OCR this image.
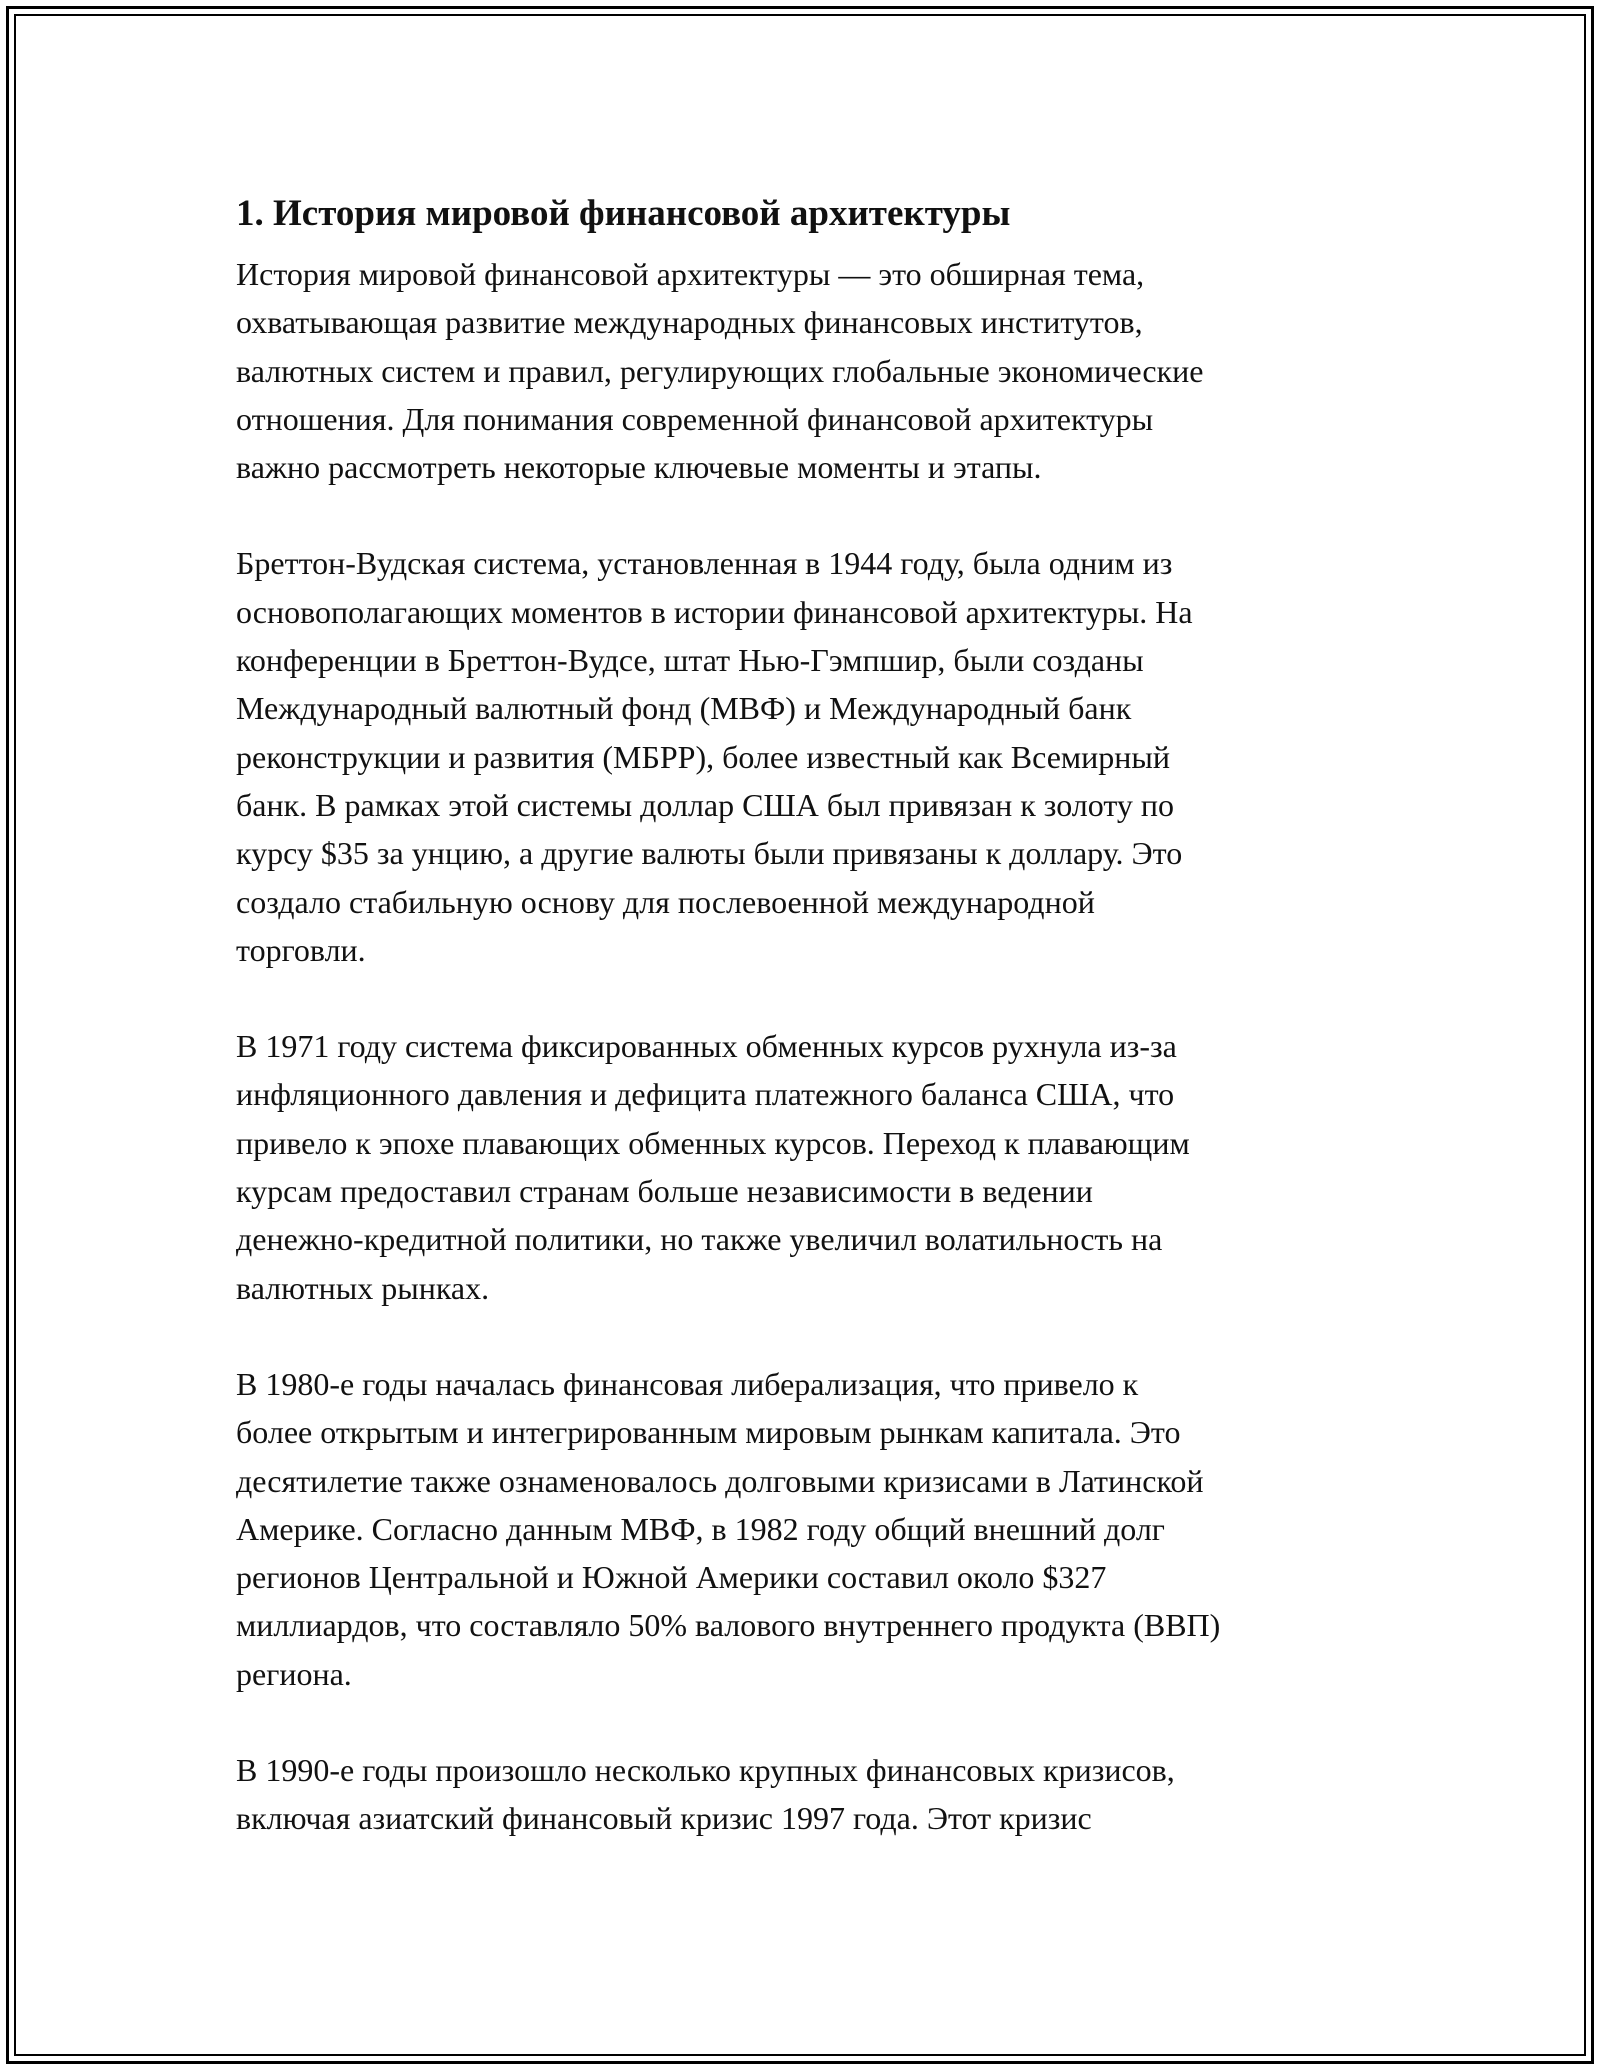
1. История мировой финансовой архитектуры

История мировой финансовой архитектуры — это обширная тема,
охватывающая развитие международных финансовых институтов,
валютных систем и правил, регулирующих глобальные экономические
отношения. Для понимания современной финансовой архитектуры
важно рассмотреть некоторые ключевые моменты и этапы.

Бреттон-Вудская система, установленная в 1944 году, была одним из
основополагающих моментов в истории финансовой архитектуры. На
конференции в Бреттон-Вудсе, штат Нью-Гэмпшир, были созданы
Международный валютный фонд (МВФ) и Международный банк
реконструкции и развития (МБРР), более известный как Всемирный
банк. В рамках этой системы доллар США был привязан к золоту по
курсу $35 за унцию, а другие валюты были привязаны к доллару. Это
создало стабильную основу для послевоенной международной
торговли.

В 1971 году система фиксированных обменных курсов рухнула из-за
инфляционного давления и дефицита платежного баланса США, что
привело к эпохе плавающих обменных курсов. Переход к плавающим
курсам предоставил странам больше независимости в ведении
денежно-кредитной политики, но также увеличил волатильность на
валютных рынках.

В 1980-е годы началась финансовая либерализация, что привело к
более открытым и интегрированным мировым рынкам капитала. Это
десятилетие также ознаменовалось долговыми кризисами в Латинской
Америке. Согласно данным МВФ, в 1982 году общий внешний долг
регионов Центральной и Южной Америки составил около $327
миллиардов, что составляло 50% валового внутреннего продукта (ВВП)
региона.

В 1990-е годы произошло несколько крупных финансовых кризисов,
включая азиатский финансовый кризис 1997 года. Этот кризис
